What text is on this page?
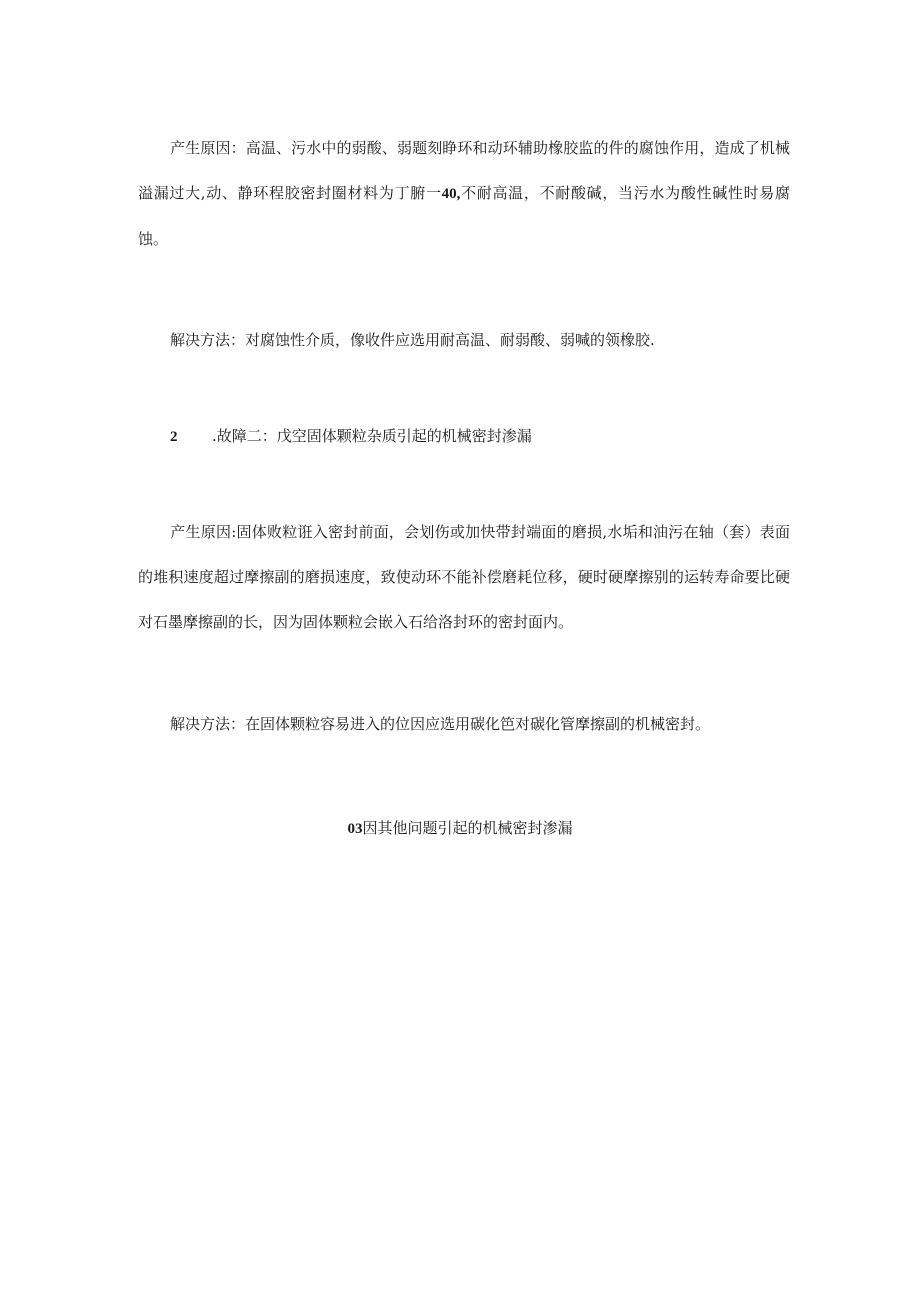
产生原因：高温、污水中的弱酸、弱题刻睁环和动环辅助橡胶监的件的腐蚀作用，造成了机械溢漏过大,动、静环程胶密封圈材料为丁腑一40,不耐高温，不耐酸碱，当污水为酸性碱性时易腐蚀。

解决方法：对腐蚀性介质，像收件应选用耐高温、耐弱酸、弱喊的领橡胶.

2 .故障二：戊空固体颗粒杂质引起的机械密封渗漏

产生原因:固体败粒诳入密封前面，会划伤或加快带封端面的磨损,水垢和油污在轴（套）表面的堆积速度超过摩擦副的磨损速度，致使动环不能补偿磨耗位移，硬时硬摩擦别的运转寿命要比硬对石墨摩擦副的长，因为固体颗粒会嵌入石给洛封环的密封面内。

解决方法：在固体颗粒容易进入的位因应选用碳化笆对碳化管摩擦副的机械密封。

03因其他问题引起的机械密封渗漏
